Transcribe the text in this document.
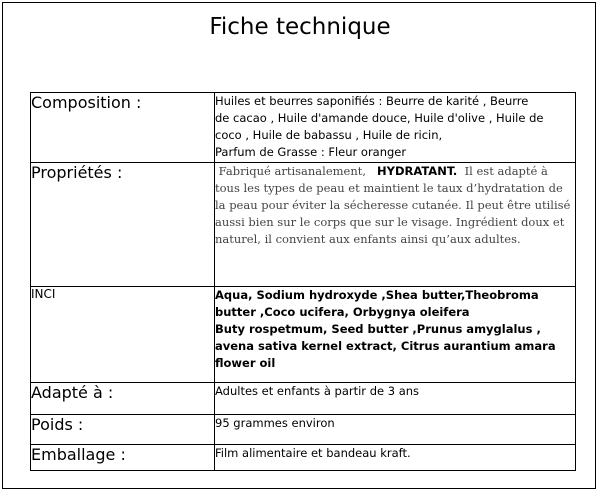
Fiche technique
Composition :	Huiles et beurres saponifiés : Beurre de karité , Beurre
de cacao , Huile d'amande douce, Huile d'olive , Huile de
coco , Huile de babassu , Huile de ricin,
Parfum de Grasse : Fleur oranger

Propriétés :	Fabriqué artisanalement, HYDRATANT. Il est adapté à tous les types de peau et maintient le taux d’hydratation de la peau pour éviter la sécheresse cutanée. Il peut être utilisé aussi bien sur le corps que sur le visage. Ingrédient doux et naturel, il convient aux enfants ainsi qu’aux adultes.
INCI	Aqua, Sodium hydroxyde ,Shea butter,Theobroma
butter ,Coco ucifera, Orbygnya oleifera
Buty rospetmum, Seed butter ,Prunus amyglalus ,
avena sativa kernel extract, Citrus aurantium amara
flower oil

Adapté à :	Adultes et enfants à partir de 3 ans
Poids :	95 grammes environ
Emballage :	Film alimentaire et bandeau kraft.
